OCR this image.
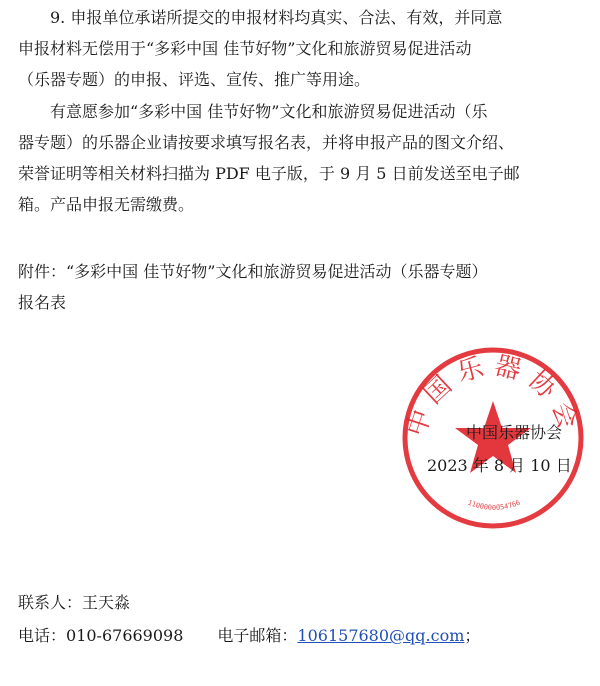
9. 申报单位承诺所提交的申报材料均真实、合法、有效，并同意
申报材料无偿用于“多彩中国 佳节好物”文化和旅游贸易促进活动
（乐器专题）的申报、评选、宣传、推广等用途。

有意愿参加“多彩中国 佳节好物”文化和旅游贸易促进活动（乐
器专题）的乐器企业请按要求填写报名表，并将申报产品的图文介绍、
荣誉证明等相关材料扫描为 PDF 电子版，于 9 月 5 日前发送至电子邮
箱。产品申报无需缴费。

附件：“多彩中国 佳节好物”文化和旅游贸易促进活动（乐器专题）
报名表

中国乐器协会
1100000054766
中国乐器协会
2023 年 8 月 10 日

联系人：王天淼

电话：010-67669098 电子邮箱：106157680@qq.com；
